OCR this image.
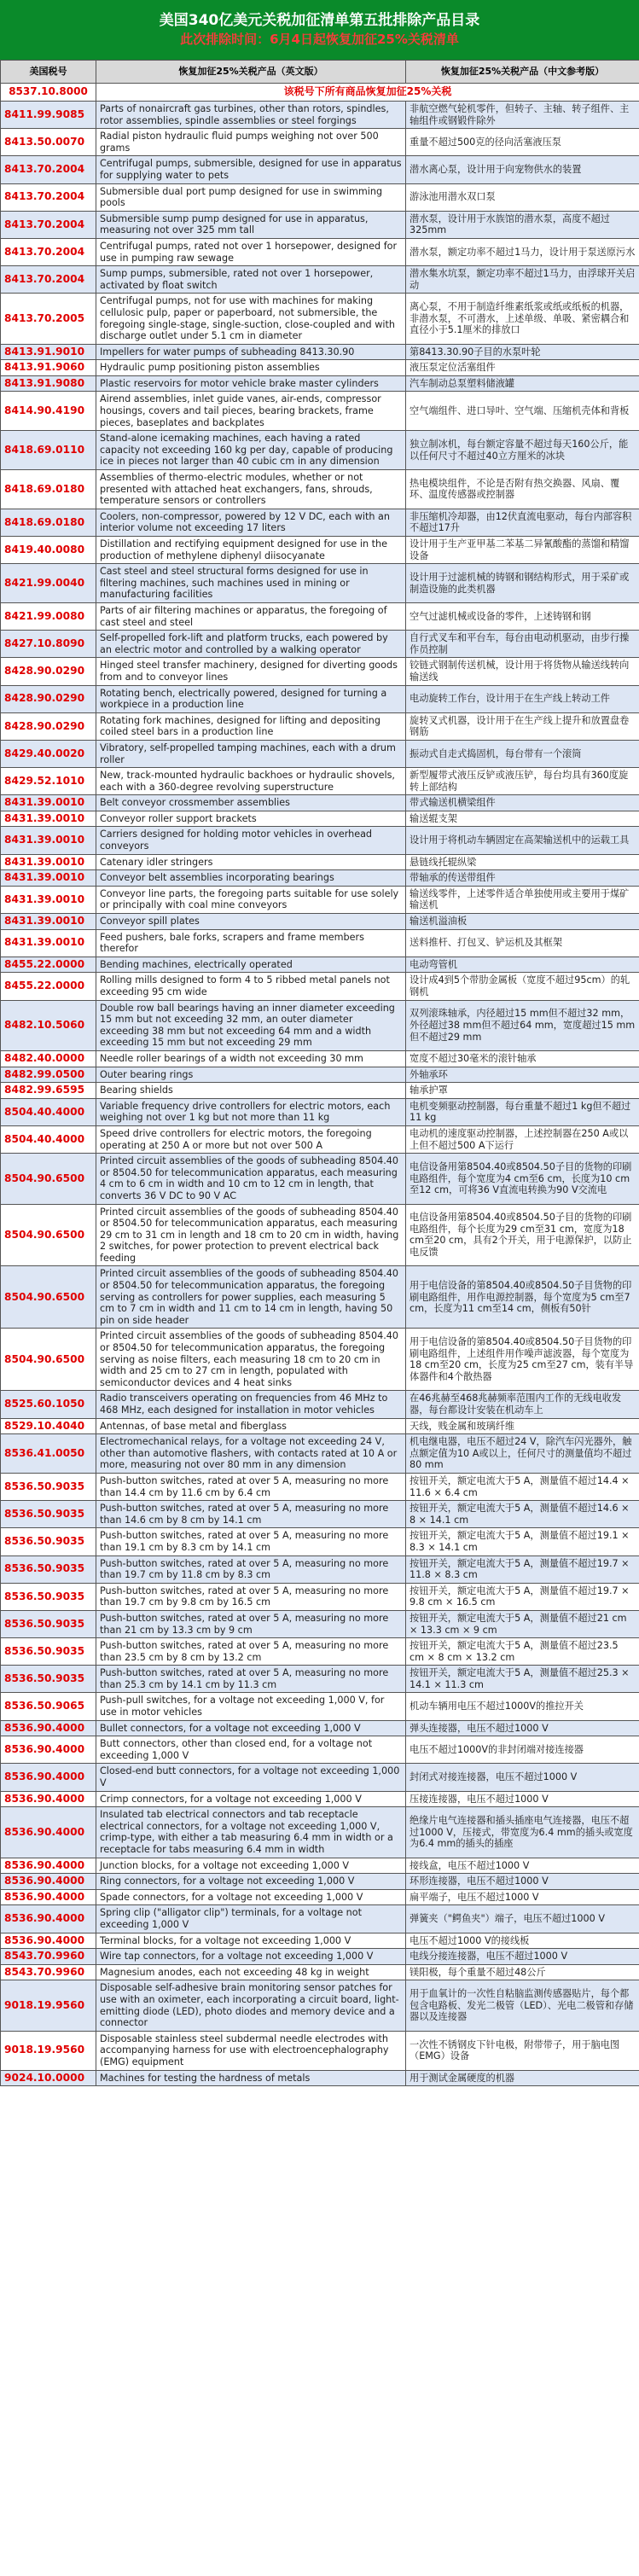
美国340亿美元关税加征清单第五批排除产品目录
此次排除时间：6月4日起恢复加征25%关税清单
美国税号	恢复加征25%关税产品（英文版）	恢复加征25%关税产品（中文参考版）
8537.10.8000	该税号下所有商品恢复加征25%关税	
8411.99.9085	Parts of nonaircraft gas turbines, other than rotors, spindles, rotor assemblies, spindle assemblies or steel forgings	非航空燃气轮机零件，但转子、主轴、转子组件、主轴组件或钢锻件除外
8413.50.0070	Radial piston hydraulic fluid pumps weighing not over 500 grams	重量不超过500克的径向活塞液压泵
8413.70.2004	Centrifugal pumps, submersible, designed for use in apparatus for supplying water to pets	潜水离心泵，设计用于向宠物供水的装置
8413.70.2004	Submersible dual port pump designed for use in swimming pools	游泳池用潜水双口泵
8413.70.2004	Submersible sump pump designed for use in apparatus, measuring not over 325 mm tall	潜水泵，设计用于水族馆的潜水泵，高度不超过325mm
8413.70.2004	Centrifugal pumps, rated not over 1 horsepower, designed for use in pumping raw sewage	潜水泵，额定功率不超过1马力，设计用于泵送原污水
8413.70.2004	Sump pumps, submersible, rated not over 1 horsepower, activated by float switch	潜水集水坑泵，额定功率不超过1马力，由浮球开关启动
8413.70.2005	Centrifugal pumps, not for use with machines for making cellulosic pulp, paper or paperboard, not submersible, the foregoing single-stage, single-suction, close-coupled and with discharge outlet under 5.1 cm in diameter	离心泵，不用于制造纤维素纸浆或纸或纸板的机器，非潜水泵，不可潜水，上述单级、单吸、紧密耦合和直径小于5.1厘米的排放口
8413.91.9010	Impellers for water pumps of subheading 8413.30.90	第8413.30.90子目的水泵叶轮
8413.91.9060	Hydraulic pump positioning piston assemblies	液压泵定位活塞组件
8413.91.9080	Plastic reservoirs for motor vehicle brake master cylinders	汽车制动总泵塑料储液罐
8414.90.4190	Airend assemblies, inlet guide vanes, air-ends, compressor housings, covers and tail pieces, bearing brackets, frame pieces, baseplates and backplates	空气端组件、进口导叶、空气端、压缩机壳体和背板
8418.69.0110	Stand-alone icemaking machines, each having a rated capacity not exceeding 160 kg per day, capable of producing ice in pieces not larger than 40 cubic cm in any dimension	独立制冰机，每台额定容量不超过每天160公斤，能以任何尺寸不超过40立方厘米的冰块
8418.69.0180	Assemblies of thermo-electric modules, whether or not presented with attached heat exchangers, fans, shrouds, temperature sensors or controllers	热电模块组件，不论是否附有热交换器、风扇、覆环、温度传感器或控制器
8418.69.0180	Coolers, non-compressor, powered by 12 V DC, each with an interior volume not exceeding 17 liters	非压缩机冷却器，由12伏直流电驱动，每台内部容积不超过17升
8419.40.0080	Distillation and rectifying equipment designed for use in the production of methylene diphenyl diisocyanate	设计用于生产亚甲基二苯基二异氰酸酯的蒸馏和精馏设备
8421.99.0040	Cast steel and steel structural forms designed for use in filtering machines, such machines used in mining or manufacturing facilities	设计用于过滤机械的铸钢和钢结构形式，用于采矿或制造设施的此类机器
8421.99.0080	Parts of air filtering machines or apparatus, the foregoing of cast steel and steel	空气过滤机械或设备的零件，上述铸钢和钢
8427.10.8090	Self-propelled fork-lift and platform trucks, each powered by an electric motor and controlled by a walking operator	自行式叉车和平台车，每台由电动机驱动，由步行操作员控制
8428.90.0290	Hinged steel transfer machinery, designed for diverting goods from and to conveyor lines	铰链式钢制传送机械，设计用于将货物从输送线转向输送线
8428.90.0290	Rotating bench, electrically powered, designed for turning a workpiece in a production line	电动旋转工作台，设计用于在生产线上转动工件
8428.90.0290	Rotating fork machines, designed for lifting and depositing coiled steel bars in a production line	旋转叉式机器，设计用于在生产线上提升和放置盘卷钢筋
8429.40.0020	Vibratory, self-propelled tamping machines, each with a drum roller	振动式自走式捣固机，每台带有一个滚筒
8429.52.1010	New, track-mounted hydraulic backhoes or hydraulic shovels, each with a 360-degree revolving superstructure	新型履带式液压反铲或液压铲，每台均具有360度旋转上部结构
8431.39.0010	Belt conveyor crossmember assemblies	带式输送机横梁组件
8431.39.0010	Conveyor roller support brackets	输送辊支架
8431.39.0010	Carriers designed for holding motor vehicles in overhead conveyors	设计用于将机动车辆固定在高架输送机中的运载工具
8431.39.0010	Catenary idler stringers	悬链线托辊纵梁
8431.39.0010	Conveyor belt assemblies incorporating bearings	带轴承的传送带组件
8431.39.0010	Conveyor line parts, the foregoing parts suitable for use solely or principally with coal mine conveyors	输送线零件，上述零件适合单独使用或主要用于煤矿输送机
8431.39.0010	Conveyor spill plates	输送机溢油板
8431.39.0010	Feed pushers, bale forks, scrapers and frame members therefor	送料推杆、打包叉、铲运机及其框架
8455.22.0000	Bending machines, electrically operated	电动弯管机
8455.22.0000	Rolling mills designed to form 4 to 5 ribbed metal panels not exceeding 95 cm wide	设计成4到5个带肋金属板（宽度不超过95cm）的轧钢机
8482.10.5060	Double row ball bearings having an inner diameter exceeding 15 mm but not exceeding 32 mm, an outer diameter exceeding 38 mm but not exceeding 64 mm and a width exceeding 15 mm but not exceeding 29 mm	双列滚珠轴承，内径超过15 mm但不超过32 mm，外径超过38 mm但不超过64 mm，宽度超过15 mm但不超过29 mm
8482.40.0000	Needle roller bearings of a width not exceeding 30 mm	宽度不超过30毫米的滚针轴承
8482.99.0500	Outer bearing rings	外轴承环
8482.99.6595	Bearing shields	轴承护罩
8504.40.4000	Variable frequency drive controllers for electric motors, each weighing not over 1 kg but not more than 11 kg	电机变频驱动控制器，每台重量不超过1 kg但不超过11 kg
8504.40.4000	Speed drive controllers for electric motors, the foregoing operating at 250 A or more but not over 500 A	电动机的速度驱动控制器，上述控制器在250 A或以上但不超过500 A下运行
8504.90.6500	Printed circuit assemblies of the goods of subheading 8504.40 or 8504.50 for telecommunication apparatus, each measuring 4 cm to 6 cm in width and 10 cm to 12 cm in length, that converts 36 V DC to 90 V AC	电信设备用第8504.40或8504.50子目的货物的印刷电路组件，每个宽度为4 cm至6 cm，长度为10 cm至12 cm，可将36 V直流电转换为90 V交流电
8504.90.6500	Printed circuit assemblies of the goods of subheading 8504.40 or 8504.50 for telecommunication apparatus, each measuring 29 cm to 31 cm in length and 18 cm to 20 cm in width, having 2 switches, for power protection to prevent electrical back feeding	电信设备用第8504.40或8504.50子目的货物的印刷电路组件，每个长度为29 cm至31 cm，宽度为18 cm至20 cm，具有2个开关，用于电源保护，以防止电反馈
8504.90.6500	Printed circuit assemblies of the goods of subheading 8504.40 or 8504.50 for telecommunication apparatus, the foregoing serving as controllers for power supplies, each measuring 5 cm to 7 cm in width and 11 cm to 14 cm in length, having 50 pin on side header	用于电信设备的第8504.40或8504.50子目货物的印刷电路组件，用作电源控制器，每个宽度为5 cm至7 cm，长度为11 cm至14 cm，侧板有50针
8504.90.6500	Printed circuit assemblies of the goods of subheading 8504.40 or 8504.50 for telecommunication apparatus, the foregoing serving as noise filters, each measuring 18 cm to 20 cm in width and 25 cm to 27 cm in length, populated with semiconductor devices and 4 heat sinks	用于电信设备的第8504.40或8504.50子目货物的印刷电路组件，上述组件用作噪声滤波器，每个宽度为18 cm至20 cm，长度为25 cm至27 cm，装有半导体器件和4个散热器
8525.60.1050	Radio transceivers operating on frequencies from 46 MHz to 468 MHz, each designed for installation in motor vehicles	在46兆赫至468兆赫频率范围内工作的无线电收发器，每台都设计安装在机动车上
8529.10.4040	Antennas, of base metal and fiberglass	天线，贱金属和玻璃纤维
8536.41.0050	Electromechanical relays, for a voltage not exceeding 24 V, other than automotive flashers, with contacts rated at 10 A or more, measuring not over 80 mm in any dimension	机电继电器，电压不超过24 V，除汽车闪光器外，触点额定值为10 A或以上，任何尺寸的测量值均不超过80 mm
8536.50.9035	Push-button switches, rated at over 5 A, measuring no more than 14.4 cm by 11.6 cm by 6.4 cm	按钮开关，额定电流大于5 A，测量值不超过14.4 × 11.6 × 6.4 cm
8536.50.9035	Push-button switches, rated at over 5 A, measuring no more than 14.6 cm by 8 cm by 14.1 cm	按钮开关，额定电流大于5 A，测量值不超过14.6 × 8 × 14.1 cm
8536.50.9035	Push-button switches, rated at over 5 A, measuring no more than 19.1 cm by 8.3 cm by 14.1 cm	按钮开关，额定电流大于5 A，测量值不超过19.1 × 8.3 × 14.1 cm
8536.50.9035	Push-button switches, rated at over 5 A, measuring no more than 19.7 cm by 11.8 cm by 8.3 cm	按钮开关，额定电流大于5 A，测量值不超过19.7 × 11.8 × 8.3 cm
8536.50.9035	Push-button switches, rated at over 5 A, measuring no more than 19.7 cm by 9.8 cm by 16.5 cm	按钮开关，额定电流大于5 A，测量值不超过19.7 × 9.8 cm × 16.5 cm
8536.50.9035	Push-button switches, rated at over 5 A, measuring no more than 21 cm by 13.3 cm by 9 cm	按钮开关，额定电流大于5 A，测量值不超过21 cm × 13.3 cm × 9 cm
8536.50.9035	Push-button switches, rated at over 5 A, measuring no more than 23.5 cm by 8 cm by 13.2 cm	按钮开关，额定电流大于5 A，测量值不超过23.5 cm × 8 cm × 13.2 cm
8536.50.9035	Push-button switches, rated at over 5 A, measuring no more than 25.3 cm by 14.1 cm by 11.3 cm	按钮开关，额定电流大于5 A，测量值不超过25.3 × 14.1 × 11.3 cm
8536.50.9065	Push-pull switches, for a voltage not exceeding 1,000 V, for use in motor vehicles	机动车辆用电压不超过1000V的推拉开关
8536.90.4000	Bullet connectors, for a voltage not exceeding 1,000 V	弹头连接器，电压不超过1000 V
8536.90.4000	Butt connectors, other than closed end, for a voltage not exceeding 1,000 V	电压不超过1000V的非封闭端对接连接器
8536.90.4000	Closed-end butt connectors, for a voltage not exceeding 1,000 V	封闭式对接连接器，电压不超过1000 V
8536.90.4000	Crimp connectors, for a voltage not exceeding 1,000 V	压接连接器，电压不超过1000 V
8536.90.4000	Insulated tab electrical connectors and tab receptacle electrical connectors, for a voltage not exceeding 1,000 V, crimp-type, with either a tab measuring 6.4 mm in width or a receptacle for tabs measuring 6.4 mm in width	绝缘片电气连接器和插头插座电气连接器，电压不超过1000 V，压接式，带宽度为6.4 mm的插头或宽度为6.4 mm的插头的插座
8536.90.4000	Junction blocks, for a voltage not exceeding 1,000 V	接线盒，电压不超过1000 V
8536.90.4000	Ring connectors, for a voltage not exceeding 1,000 V	环形连接器，电压不超过1000 V
8536.90.4000	Spade connectors, for a voltage not exceeding 1,000 V	扁平端子，电压不超过1000 V
8536.90.4000	Spring clip ("alligator clip") terminals, for a voltage not exceeding 1,000 V	弹簧夹（"鳄鱼夹"）端子，电压不超过1000 V
8536.90.4000	Terminal blocks, for a voltage not exceeding 1,000 V	电压不超过1000 V的接线板
8543.70.9960	Wire tap connectors, for a voltage not exceeding 1,000 V	电线分接连接器，电压不超过1000 V
8543.70.9960	Magnesium anodes, each not exceeding 48 kg in weight	镁阳极，每个重量不超过48公斤
9018.19.9560	Disposable self-adhesive brain monitoring sensor patches for use with an oximeter, each incorporating a circuit board, light-emitting diode (LED), photo diodes and memory device and a connector	用于血氧计的一次性自粘脑监测传感器贴片，每个都包含电路板、发光二极管（LED）、光电二极管和存储器以及连接器
9018.19.9560	Disposable stainless steel subdermal needle electrodes with accompanying harness for use with electroencephalography (EMG) equipment	一次性不锈钢皮下针电极，附带带子，用于脑电图（EMG）设备
9024.10.0000	Machines for testing the hardness of metals	用于测试金属硬度的机器
